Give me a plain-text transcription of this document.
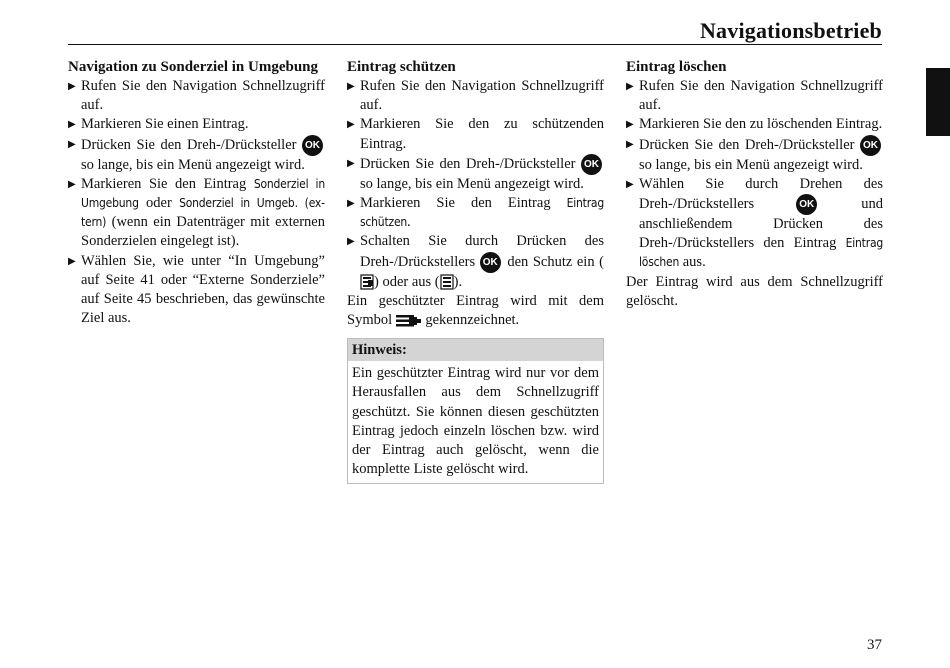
Navigationsbetrieb
Navigation zu Sonderziel in Umgebung
▶ Rufen Sie den Navigation Schnellzugriff auf.
▶ Markieren Sie einen Eintrag.
▶ Drücken Sie den Dreh-/Drücksteller OK so lange, bis ein Menü angezeigt wird.
▶ Markieren Sie den Eintrag Sonderziel in Umgebung oder Sonderziel in Umgeb. (extern) (wenn ein Datenträger mit externen Sonderzielen eingelegt ist).
▶ Wählen Sie, wie unter “In Umgebung” auf Seite 41 oder “Externe Sonderziele” auf Seite 45 beschrieben, das gewünschte Ziel aus.
Eintrag schützen
▶ Rufen Sie den Navigation Schnellzugriff auf.
▶ Markieren Sie den zu schützenden Eintrag.
▶ Drücken Sie den Dreh-/Drücksteller OK so lange, bis ein Menü angezeigt wird.
▶ Markieren Sie den Eintrag Eintrag schützen.
▶ Schalten Sie durch Drücken des Dreh-/Drückstellers OK den Schutz ein () oder aus ( ).

Ein geschützter Eintrag wird mit dem Symbol gekennzeichnet.

Hinweis:
Ein geschützter Eintrag wird nur vor dem Herausfallen aus dem Schnellzugriff geschützt. Sie können diesen geschützten Eintrag jedoch einzeln löschen bzw. wird der Eintrag auch gelöscht, wenn die komplette Liste gelöscht wird.
Eintrag löschen
▶ Rufen Sie den Navigation Schnellzugriff auf.
▶ Markieren Sie den zu löschenden Eintrag.
▶ Drücken Sie den Dreh-/Drücksteller OK so lange, bis ein Menü angezeigt wird.
▶ Wählen Sie durch Drehen des Dreh-/Drückstellers	OK	und anschließendem Drücken des Dreh-/Drückstellers den Eintrag Eintrag löschen aus.

Der Eintrag wird aus dem Schnellzugriff gelöscht.

37
